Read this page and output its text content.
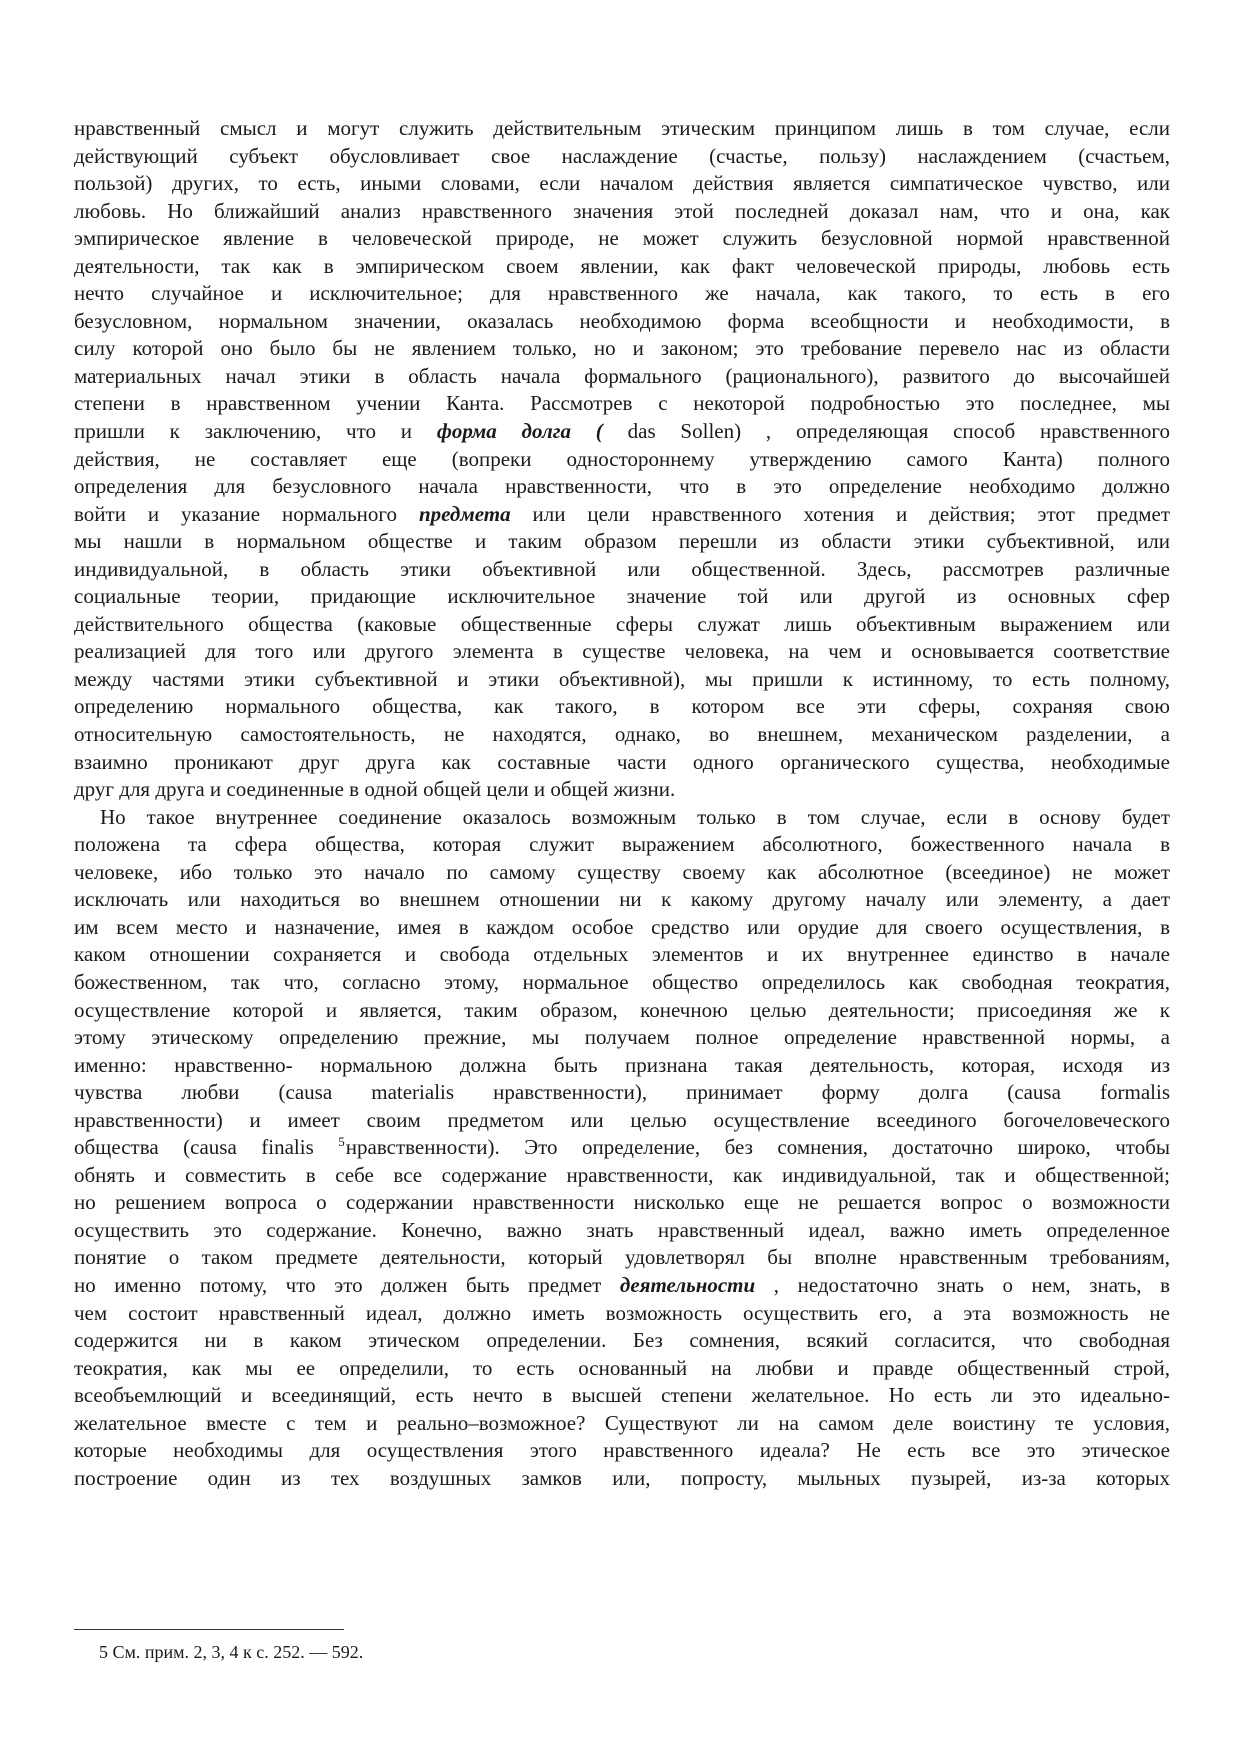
нравственный смысл и могут служить действительным этическим принципом лишь в том случае, если
действующий субъект обусловливает свое наслаждение (счастье, пользу) наслаждением (счастьем,
пользой) других, то есть, иными словами, если началом действия является симпатическое чувство, или
любовь. Но ближайший анализ нравственного значения этой последней доказал нам, что и она, как
эмпирическое явление в человеческой природе, не может служить безусловной нормой нравственной
деятельности, так как в эмпирическом своем явлении, как факт человеческой природы, любовь есть
нечто случайное и исключительное; для нравственного же начала, как такого, то есть в его
безусловном, нормальном значении, оказалась необходимою форма всеобщности и необходимости, в
силу которой оно было бы не явлением только, но и законом; это требование перевело нас из области
материальных начал этики в область начала формального (рационального), развитого до высочайшей
степени в нравственном учении Канта. Рассмотрев с некоторой подробностью это последнее, мы
пришли к заключению, что и форма долга ( das Sollen) , определяющая способ нравственного
действия, не составляет еще (вопреки одностороннему утверждению самого Канта) полного
определения для безусловного начала нравственности, что в это определение необходимо должно
войти и указание нормального предмета или цели нравственного хотения и действия; этот предмет
мы нашли в нормальном обществе и таким образом перешли из области этики субъективной, или
индивидуальной, в область этики объективной или общественной. Здесь, рассмотрев различные
социальные теории, придающие исключительное значение той или другой из основных сфер
действительного общества (каковые общественные сферы служат лишь объективным выражением или
реализацией для того или другого элемента в существе человека, на чем и основывается соответствие
между частями этики субъективной и этики объективной), мы пришли к истинному, то есть полному,
определению нормального общества, как такого, в котором все эти сферы, сохраняя свою
относительную самостоятельность, не находятся, однако, во внешнем, механическом разделении, а
взаимно проникают друг друга как составные части одного органического существа, необходимые
друг для друга и соединенные в одной общей цели и общей жизни.
Но такое внутреннее соединение оказалось возможным только в том случае, если в основу будет
положена та сфера общества, которая служит выражением абсолютного, божественного начала в
человеке, ибо только это начало по самому существу своему как абсолютное (всеединое) не может
исключать или находиться во внешнем отношении ни к какому другому началу или элементу, а дает
им всем место и назначение, имея в каждом особое средство или орудие для своего осуществления, в
каком отношении сохраняется и свобода отдельных элементов и их внутреннее единство в начале
божественном, так что, согласно этому, нормальное общество определилось как свободная теократия,
осуществление которой и является, таким образом, конечною целью деятельности; присоединяя же к
этому этическому определению прежние, мы получаем полное определение нравственной нормы, а
именно: нравственно- нормальною должна быть признана такая деятельность, которая, исходя из
чувства любви (causa materialis нравственности), принимает форму долга (causa formalis
нравственности) и имеет своим предметом или целью осуществление всеединого богочеловеческого
общества (causa finalis $^5$нравственности). Это определение, без сомнения, достаточно широко, чтобы
обнять и совместить в себе все содержание нравственности, как индивидуальной, так и общественной;
но решением вопроса о содержании нравственности нисколько еще не решается вопрос о возможности
осуществить это содержание. Конечно, важно знать нравственный идеал, важно иметь определенное
понятие о таком предмете деятельности, который удовлетворял бы вполне нравственным требованиям,
но именно потому, что это должен быть предмет деятельности , недостаточно знать о нем, знать, в
чем состоит нравственный идеал, должно иметь возможность осуществить его, а эта возможность не
содержится ни в каком этическом определении. Без сомнения, всякий согласится, что свободная
теократия, как мы ее определили, то есть основанный на любви и правде общественный строй,
всеобъемлющий и всеединящий, есть нечто в высшей степени желательное. Но есть ли это идеально-
желательное вместе с тем и реально–возможное? Существуют ли на самом деле воистину те условия,
которые необходимы для осуществления этого нравственного идеала? Не есть все это этическое
построение один из тех воздушных замков или, попросту, мыльных пузырей, из-за которых
5 См. прим. 2, 3, 4 к с. 252. — 592.
